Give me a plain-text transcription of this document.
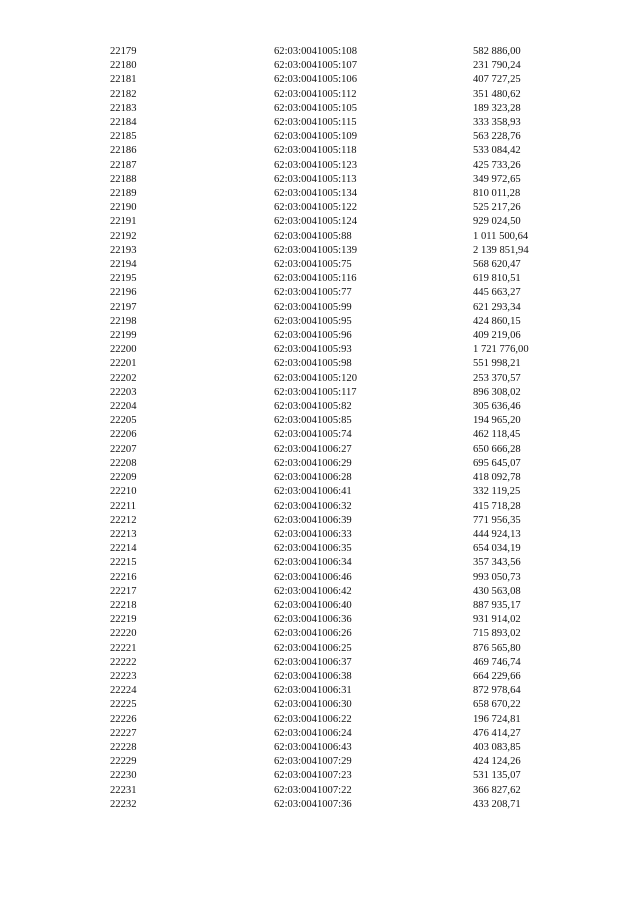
22179	62:03:0041005:108	582 886,00
22180	62:03:0041005:107	231 790,24
22181	62:03:0041005:106	407 727,25
22182	62:03:0041005:112	351 480,62
22183	62:03:0041005:105	189 323,28
22184	62:03:0041005:115	333 358,93
22185	62:03:0041005:109	563 228,76
22186	62:03:0041005:118	533 084,42
22187	62:03:0041005:123	425 733,26
22188	62:03:0041005:113	349 972,65
22189	62:03:0041005:134	810 011,28
22190	62:03:0041005:122	525 217,26
22191	62:03:0041005:124	929 024,50
22192	62:03:0041005:88	1 011 500,64
22193	62:03:0041005:139	2 139 851,94
22194	62:03:0041005:75	568 620,47
22195	62:03:0041005:116	619 810,51
22196	62:03:0041005:77	445 663,27
22197	62:03:0041005:99	621 293,34
22198	62:03:0041005:95	424 860,15
22199	62:03:0041005:96	409 219,06
22200	62:03:0041005:93	1 721 776,00
22201	62:03:0041005:98	551 998,21
22202	62:03:0041005:120	253 370,57
22203	62:03:0041005:117	896 308,02
22204	62:03:0041005:82	305 636,46
22205	62:03:0041005:85	194 965,20
22206	62:03:0041005:74	462 118,45
22207	62:03:0041006:27	650 666,28
22208	62:03:0041006:29	695 645,07
22209	62:03:0041006:28	418 092,78
22210	62:03:0041006:41	332 119,25
22211	62:03:0041006:32	415 718,28
22212	62:03:0041006:39	771 956,35
22213	62:03:0041006:33	444 924,13
22214	62:03:0041006:35	654 034,19
22215	62:03:0041006:34	357 343,56
22216	62:03:0041006:46	993 050,73
22217	62:03:0041006:42	430 563,08
22218	62:03:0041006:40	887 935,17
22219	62:03:0041006:36	931 914,02
22220	62:03:0041006:26	715 893,02
22221	62:03:0041006:25	876 565,80
22222	62:03:0041006:37	469 746,74
22223	62:03:0041006:38	664 229,66
22224	62:03:0041006:31	872 978,64
22225	62:03:0041006:30	658 670,22
22226	62:03:0041006:22	196 724,81
22227	62:03:0041006:24	476 414,27
22228	62:03:0041006:43	403 083,85
22229	62:03:0041007:29	424 124,26
22230	62:03:0041007:23	531 135,07
22231	62:03:0041007:22	366 827,62
22232	62:03:0041007:36	433 208,71
